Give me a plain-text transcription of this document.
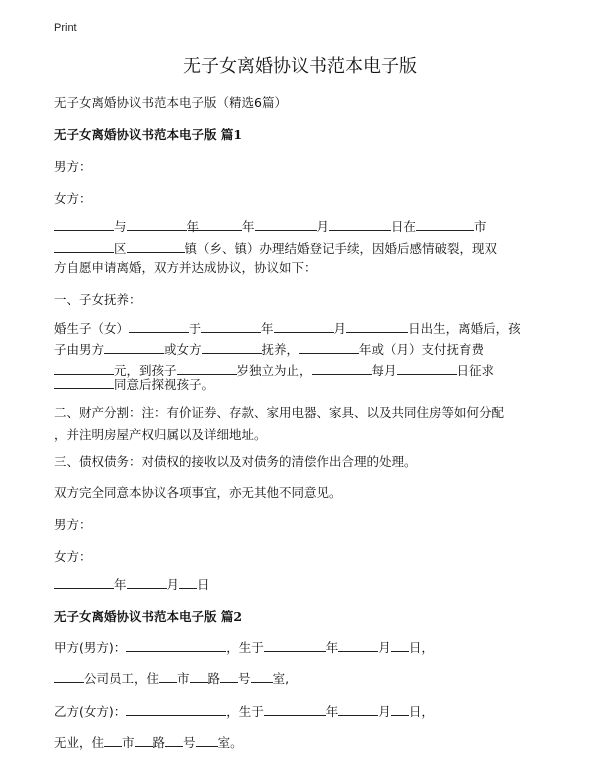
Print
无子女离婚协议书范本电子版
无子女离婚协议书范本电子版（精选6篇）
无子女离婚协议书范本电子版 篇1
男方：
女方：
与	年	年	月	日在	市
区	镇（乡、镇）办理结婚登记手续，因婚后感情破裂，现双
方自愿申请离婚，双方并达成协议，协议如下：
一、子女抚养：
婚生子（女）	于	年	月	日出生，离婚后，孩
子由男方	或女方	抚养，	年或（月）支付抚育费
元，到孩子	岁独立为止，	每月	日征求
同意后探视孩子。
二、财产分割：注：有价证券、存款、家用电器、家具、以及共同住房等如何分配
，并注明房屋产权归属以及详细地址。
三、债权债务：对债权的接收以及对债务的清偿作出合理的处理。
双方完全同意本协议各项事宜，亦无其他不同意见。
男方：
女方：
年	月 日
无子女离婚协议书范本电子版 篇2
甲方(男方)：	，生于	年	月 日，
公司员工，住 市 路 号 室,
乙方(女方)：	，生于	年	月 日，
无业，住 市 路 号 室。
